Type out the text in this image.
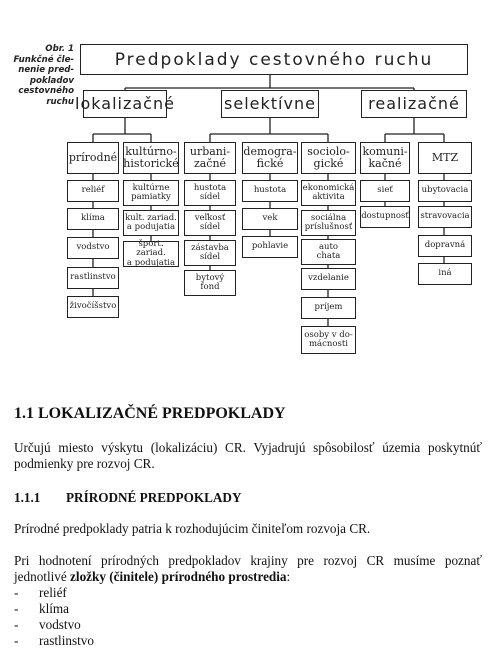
Obr. 1
Funkčné čle-
nenie pred-
pokladov
cestovného
ruchu
Predpoklady cestovného ruchu
lokalizačné	selektívne	realizačné
prírodné kultúrno-
historické
urbani-
začné
demogra-
fické
sociolo-
gické
komuni-
kačné	MTZ
reliéf
klíma
vodstvo
rastlinstvo
živočíšstvo
kultúrne
pamiatky
kult. zariad.
a podujatia
šport. zariad.
a podujatia
hustota
sídel
veľkosť
sídel
zástavba
sídel
bytový
fond
hustota
vek
pohlavie
ekonomická
aktivita
sociálna
príslušnosť
auto
chata
vzdelanie
príjem
osoby v do-
mácnosti
sieť
dostupnosť
ubytovacia
stravovacia
dopravná
iná
1.1 LOKALIZAČNÉ PREDPOKLADY
Určujú miesto výskytu (lokalizáciu) CR. Vyjadrujú spôsobilosť územia poskytnúť podmienky pre rozvoj CR.
1.1.1 PRÍRODNÉ PREDPOKLADY
Prírodné predpoklady patria k rozhodujúcim činiteľom rozvoja CR.
Pri hodnotení prírodných predpokladov krajiny pre rozvoj CR musíme poznať jednotlivé zložky (činitele) prírodného prostredia:
-	reliéf
-	klíma
-	vodstvo
-	rastlinstvo
